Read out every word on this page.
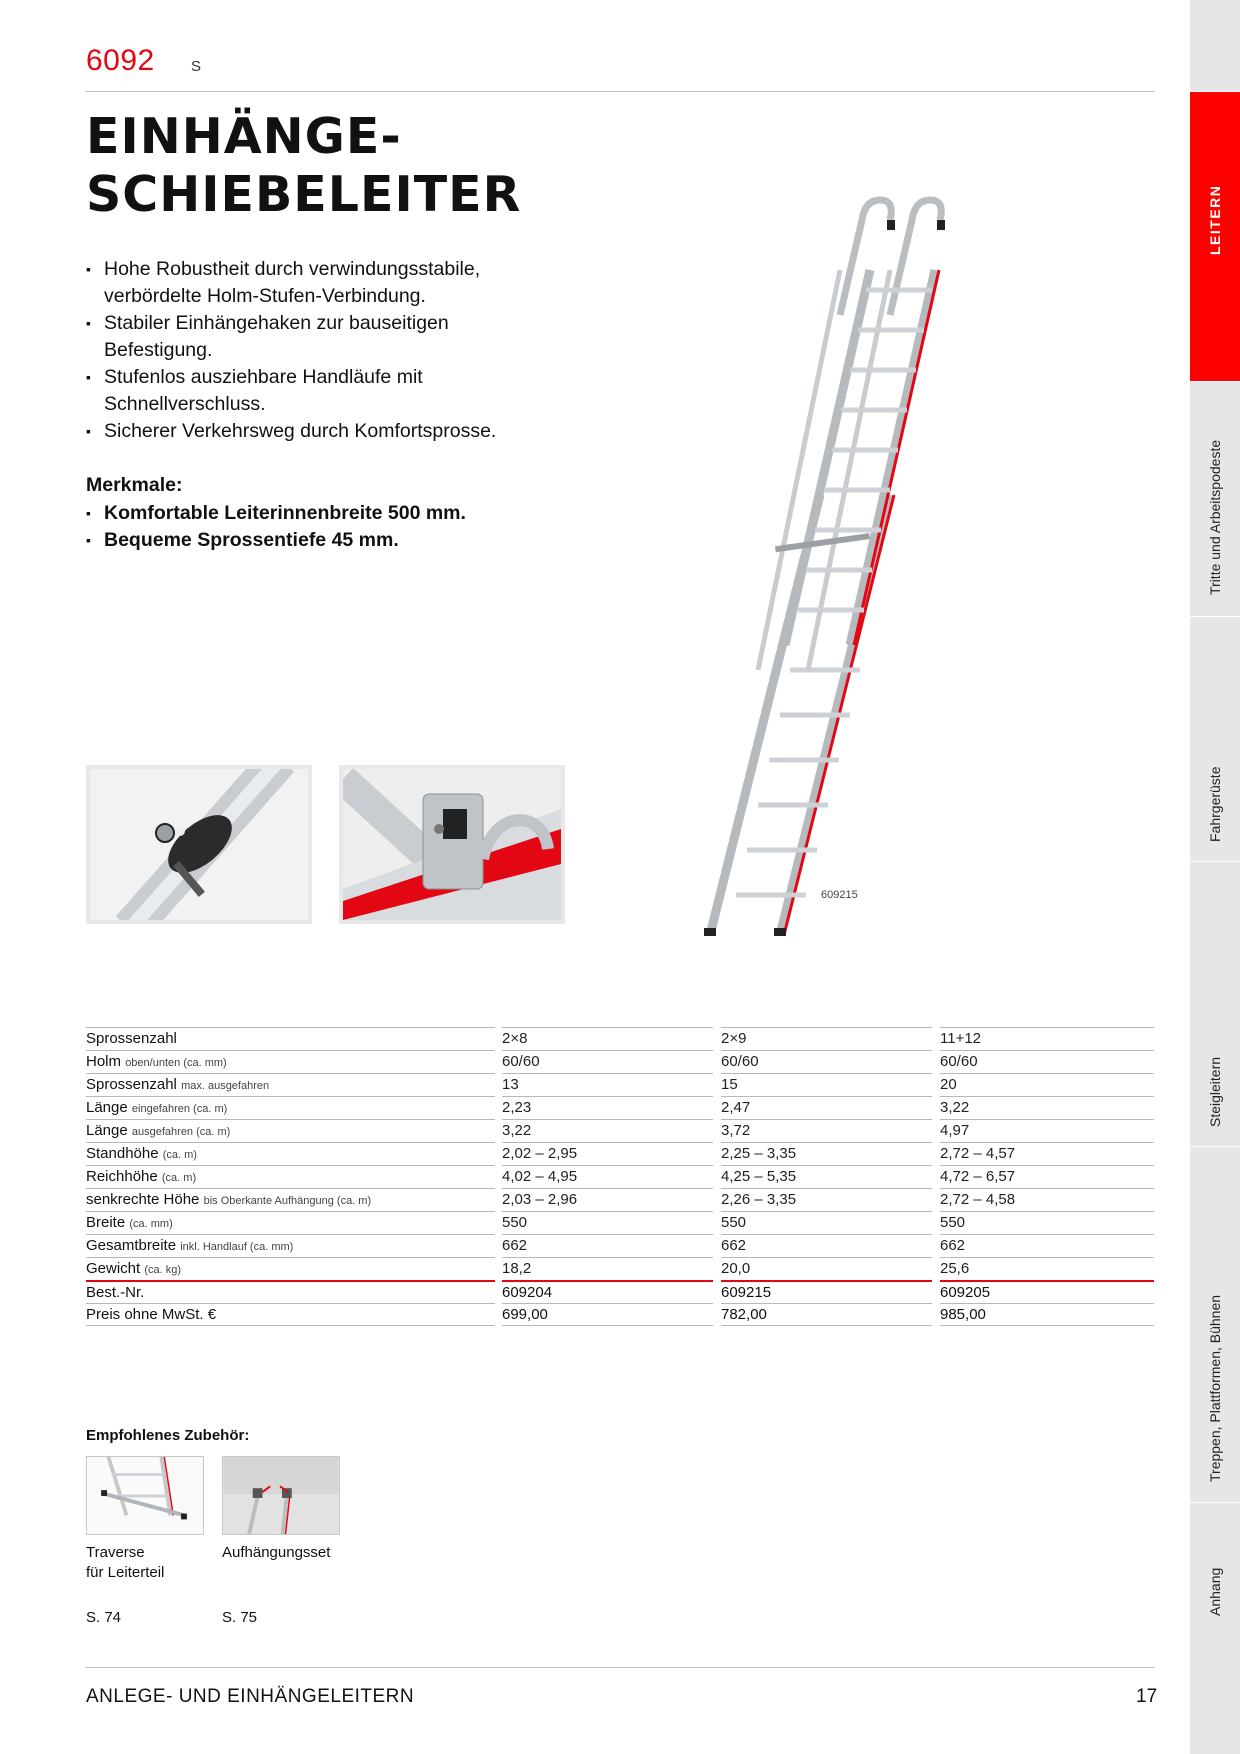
6092 S
EINHÄNGE-
SCHIEBELEITER
▪ Hohe Robustheit durch verwindungsstabile, verbördelte Holm-Stufen-Verbindung.
▪ Stabiler Einhängehaken zur bauseitigen Befestigung.
▪ Stufenlos ausziehbare Handläufe mit Schnellverschluss.
▪ Sicherer Verkehrsweg durch Komfortsprosse.
Merkmale:
▪ Komfortable Leiterinnenbreite 500 mm.
▪ Bequeme Sprossentiefe 45 mm.
609215
Sprossenzahl	2×8	2×9	11+12
Holm oben/unten (ca. mm)	60/60	60/60	60/60
Sprossenzahl max. ausgefahren	13	15	20
Länge eingefahren (ca. m)	2,23	2,47	3,22
Länge ausgefahren (ca. m)	3,22	3,72	4,97
Standhöhe (ca. m)	2,02 – 2,95	2,25 – 3,35	2,72 – 4,57
Reichhöhe (ca. m)	4,02 – 4,95	4,25 – 5,35	4,72 – 6,57
senkrechte Höhe bis Oberkante Aufhängung (ca. m)	2,03 – 2,96	2,26 – 3,35	2,72 – 4,58
Breite (ca. mm)	550	550	550
Gesamtbreite inkl. Handlauf (ca. mm)	662	662	662
Gewicht (ca. kg)	18,2	20,0	25,6
Best.-Nr.	609204	609215	609205
Preis ohne MwSt. €	699,00	782,00	985,00
Empfohlenes Zubehör:
Traverse
für Leiterteil
Aufhängungsset
S. 74	S. 75
ANLEGE- UND EINHÄNGELEITERN	17
LEITERN
Tritte und Arbeitspodeste
Fahrgerüste
Steigleitern
Treppen, Plattformen, Bühnen
Anhang
